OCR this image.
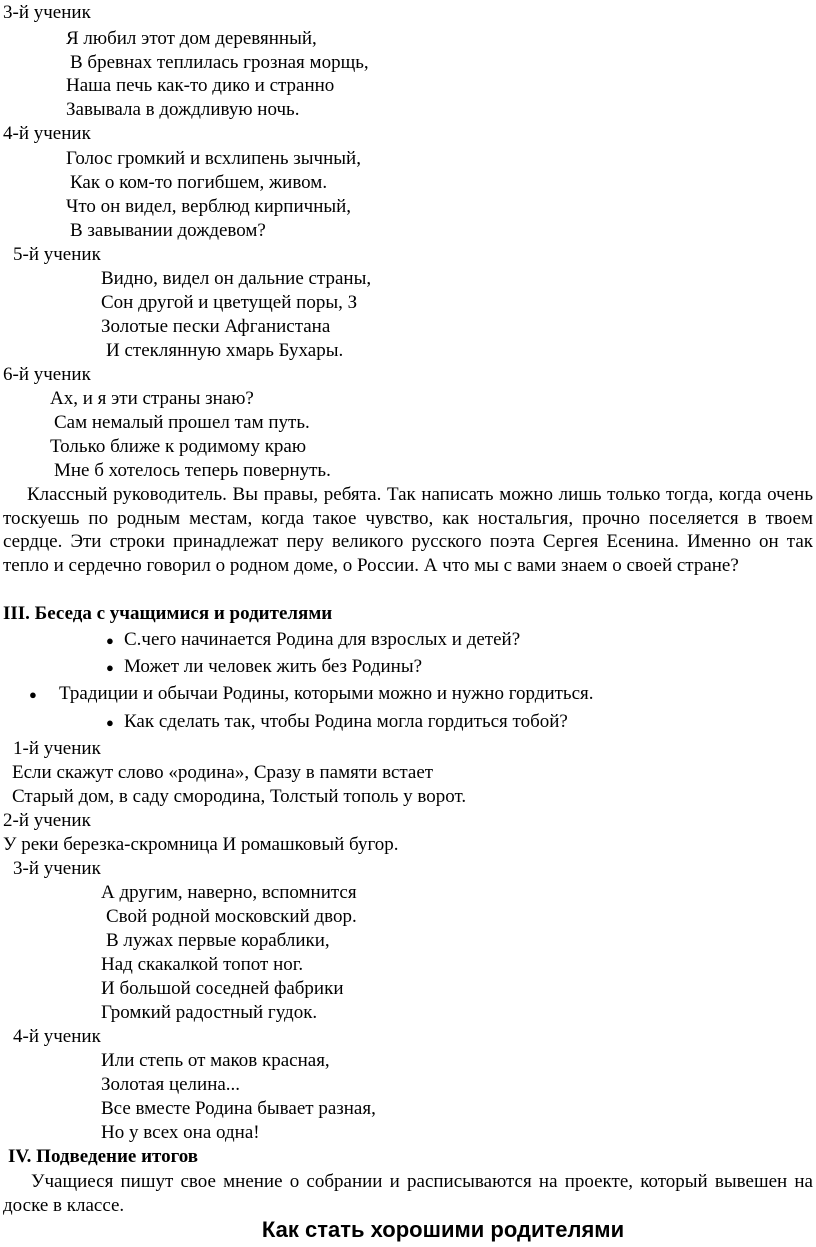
3-й ученик
Я любил этот дом деревянный,
В бревнах теплилась грозная морщь,
Наша печь как-то дико и странно
Завывала в дождливую ночь.
4-й ученик
Голос громкий и всхлипень зычный,
Как о ком-то погибшем, живом.
Что он видел, верблюд кирпичный,
В завывании дождевом?
5-й ученик
Видно, видел он дальние страны,
Сон другой и цветущей поры, З
Золотые пески Афганистана
И стеклянную хмарь Бухары.
6-й ученик
Ах, и я эти страны знаю?
Сам немалый прошел там путь.
Только ближе к родимому краю
Мне б хотелось теперь повернуть.
Классный руководитель. Вы правы, ребята. Так написать можно лишь только тогда, когда очень тоскуешь по родным местам, когда такое чувство, как ностальгия, прочно поселяется в твоем сердце. Эти строки принадлежат перу великого русского поэта Сергея Есенина. Именно он так тепло и сердечно говорил о родном доме, о России. А что мы с вами знаем о своей стране?
III. Беседа с учащимися и родителями
● С.чего начинается Родина для взрослых и детей?
● Может ли человек жить без Родины?
● Традиции и обычаи Родины, которыми можно и нужно гордиться.
● Как сделать так, чтобы Родина могла гордиться тобой?
1-й ученик
Если скажут слово «родина», Сразу в памяти встает
Старый дом, в саду смородина, Толстый тополь у ворот.
2-й ученик
У реки березка-скромница И ромашковый бугор.
3-й ученик
А другим, наверно, вспомнится
Свой родной московский двор.
В лужах первые кораблики,
Над скакалкой топот ног.
И большой соседней фабрики
Громкий радостный гудок.
4-й ученик
Или степь от маков красная,
Золотая целина...
Все вместе Родина бывает разная,
Но у всех она одна!
IV. Подведение итогов
Учащиеся пишут свое мнение о собрании и расписываются на проекте, который вывешен на доске в классе.
Как стать хорошими родителями
